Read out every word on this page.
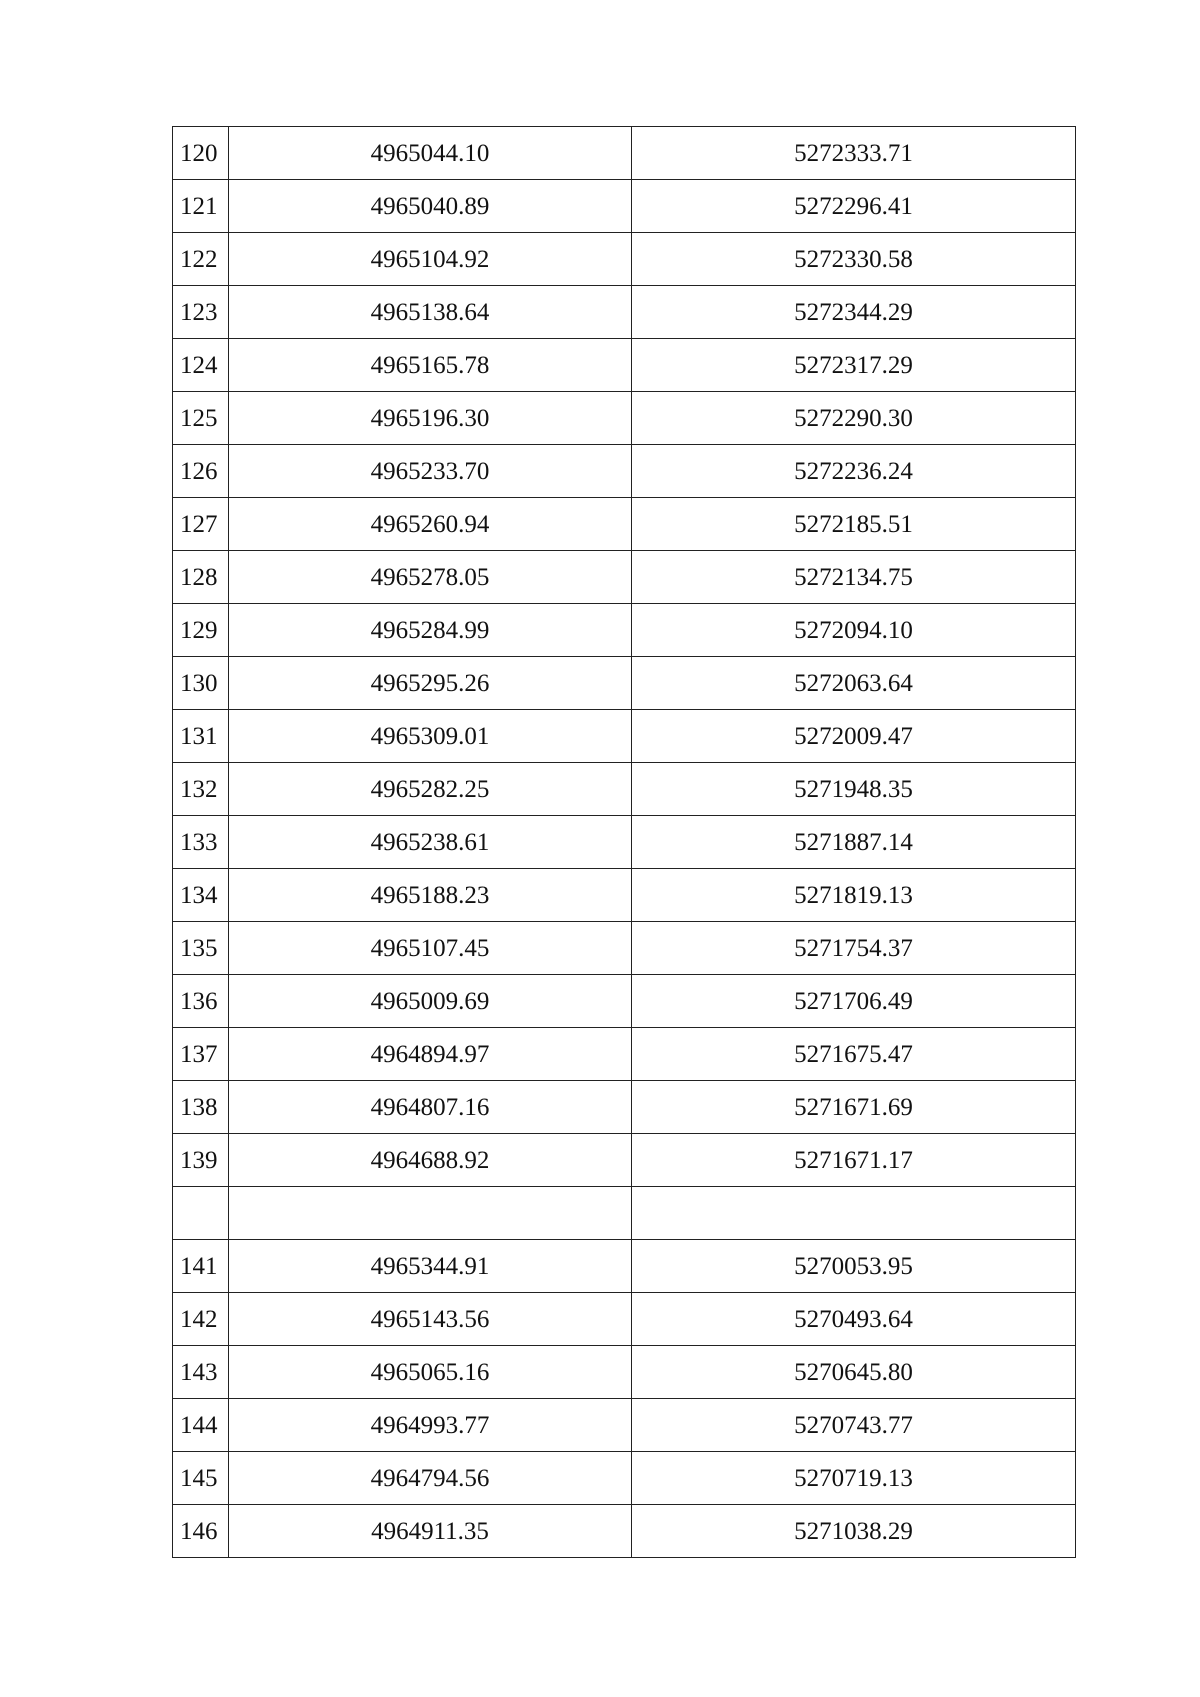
120	4965044.10	5272333.71
121	4965040.89	5272296.41
122	4965104.92	5272330.58
123	4965138.64	5272344.29
124	4965165.78	5272317.29
125	4965196.30	5272290.30
126	4965233.70	5272236.24
127	4965260.94	5272185.51
128	4965278.05	5272134.75
129	4965284.99	5272094.10
130	4965295.26	5272063.64
131	4965309.01	5272009.47
132	4965282.25	5271948.35
133	4965238.61	5271887.14
134	4965188.23	5271819.13
135	4965107.45	5271754.37
136	4965009.69	5271706.49
137	4964894.97	5271675.47
138	4964807.16	5271671.69
139	4964688.92	5271671.17

141	4965344.91	5270053.95
142	4965143.56	5270493.64
143	4965065.16	5270645.80
144	4964993.77	5270743.77
145	4964794.56	5270719.13
146	4964911.35	5271038.29
